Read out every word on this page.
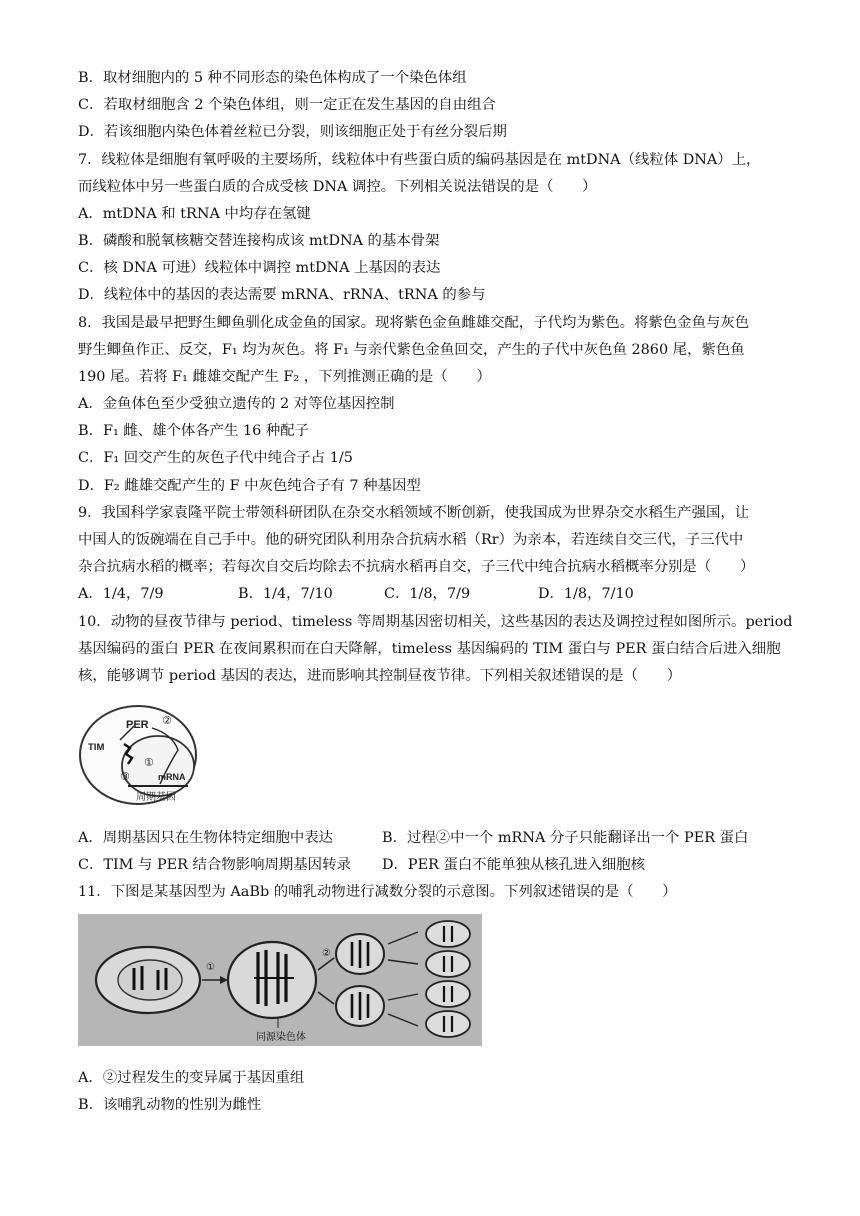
B．取材细胞内的 5 种不同形态的染色体构成了一个染色体组
C．若取材细胞含 2 个染色体组，则一定正在发生基因的自由组合
D．若该细胞内染色体着丝粒已分裂，则该细胞正处于有丝分裂后期
7．线粒体是细胞有氧呼吸的主要场所，线粒体中有些蛋白质的编码基因是在 mtDNA（线粒体 DNA）上，
而线粒体中另一些蛋白质的合成受核 DNA 调控。下列相关说法错误的是（　　）
A．mtDNA 和 tRNA 中均存在氢键
B．磷酸和脱氧核糖交替连接构成该 mtDNA 的基本骨架
C．核 DNA 可进）线粒体中调控 mtDNA 上基因的表达
D．线粒体中的基因的表达需要 mRNA、rRNA、tRNA 的参与
8．我国是最早把野生鲫鱼驯化成金鱼的国家。现将紫色金鱼雌雄交配，子代均为紫色。将紫色金鱼与灰色
野生鲫鱼作正、反交，F₁ 均为灰色。将 F₁ 与亲代紫色金鱼回交，产生的子代中灰色鱼 2860 尾，紫色鱼
190 尾。若将 F₁ 雌雄交配产生 F₂ ，下列推测正确的是（　　）
A．金鱼体色至少受独立遗传的 2 对等位基因控制
B．F₁ 雌、雄个体各产生 16 种配子
C．F₁ 回交产生的灰色子代中纯合子占 1/5
D．F₂ 雌雄交配产生的 F 中灰色纯合子有 7 种基因型
9．我国科学家袁隆平院士带领科研团队在杂交水稻领域不断创新，使我国成为世界杂交水稻生产强国，让
中国人的饭碗端在自己手中。他的研究团队利用杂合抗病水稻（Rr）为亲本，若连续自交三代，子三代中
杂合抗病水稻的概率；若每次自交后均除去不抗病水稻再自交，子三代中纯合抗病水稻概率分别是（　　）
A．1/4，7/9	B．1/4，7/10	C．1/8，7/9	D．1/8，7/10
10．动物的昼夜节律与 period、timeless 等周期基因密切相关，这些基因的表达及调控过程如图所示。period
基因编码的蛋白 PER 在夜间累积而在白天降解，timeless 基因编码的 TIM 蛋白与 PER 蛋白结合后进入细胞
核，能够调节 period 基因的表达，进而影响其控制昼夜节律。下列相关叙述错误的是（　　）
PER ②
TIM
①
③	mRNA
周期基因
A．周期基因只在生物体特定细胞中表达	B．过程②中一个 mRNA 分子只能翻译出一个 PER 蛋白
C．TIM 与 PER 结合物影响周期基因转录 D．PER 蛋白不能单独从核孔进入细胞核
11．下图是某基因型为 AaBb 的哺乳动物进行减数分裂的示意图。下列叙述错误的是（　　）
①
②
同源染色体
A．②过程发生的变异属于基因重组
B．该哺乳动物的性别为雌性
